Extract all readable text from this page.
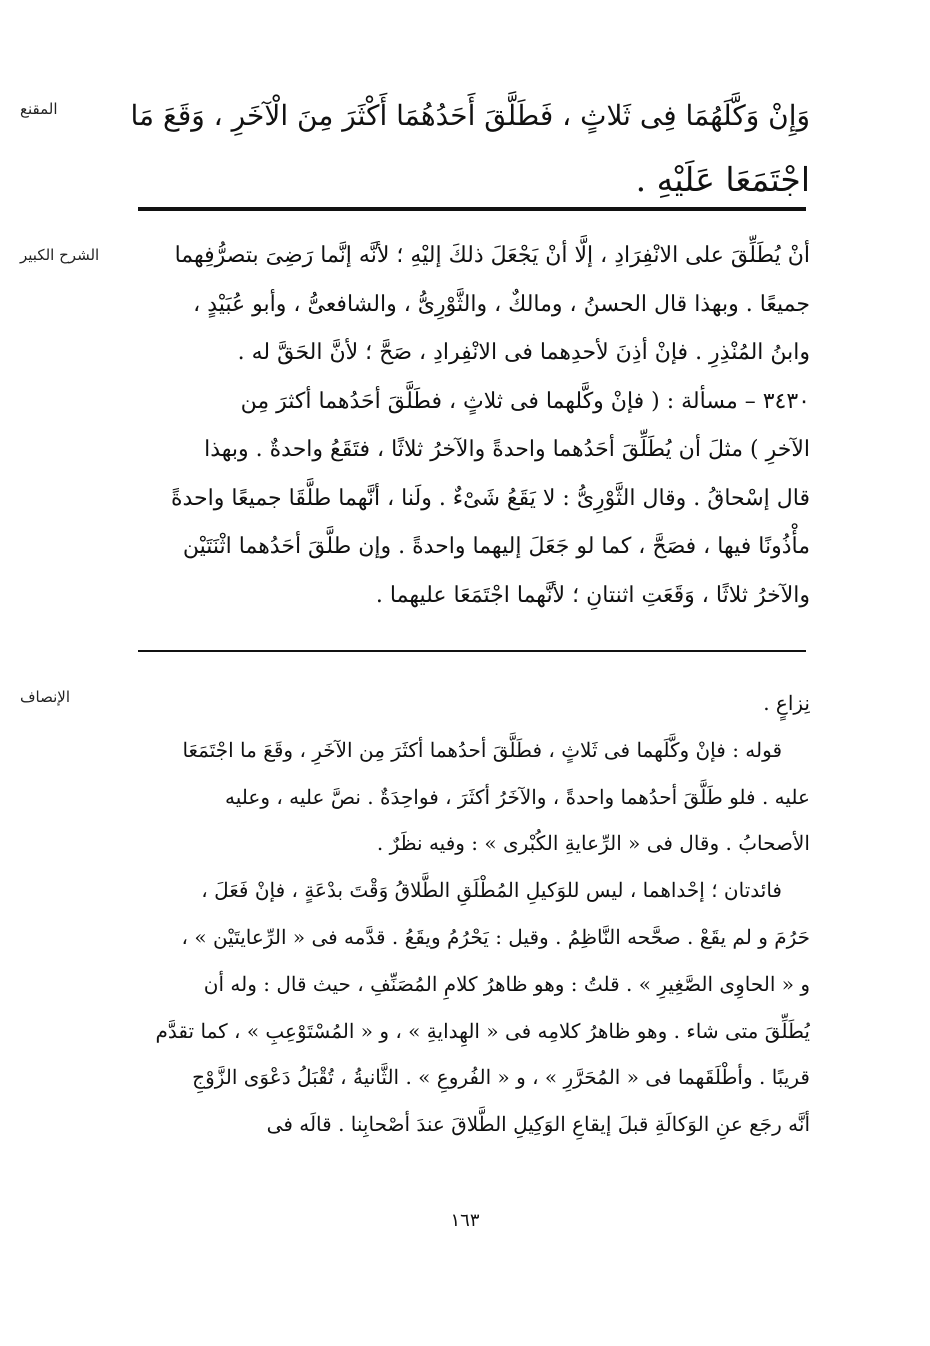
المقنع	وَإِنْ وَكَّلَهُمَا فِى ثَلاثٍ ، فَطَلَّقَ أَحَدُهُمَا أَكْثَرَ مِنَ الْآخَرِ ، وَقَعَ مَا
اجْتَمَعَا عَلَيْهِ .
الشرح الكبير	أنْ يُطَلِّقَ على الانْفِرَادِ ، إلَّا أنْ يَجْعَلَ ذلكَ إليْهِ ؛ لأنَّه إنَّما رَضِىَ بتصرُّفِهما
جميعًا . وبهذا قال الحسنُ ، ومالكٌ ، والثَّوْرِىُّ ، والشافعىُّ ، وأبو عُبَيْدٍ ،
وابنُ المُنْذِرِ . فإنْ أذِنَ لأحدِهما فى الانْفِرادِ ، صَحَّ ؛ لأنَّ الحَقَّ له .
٣٤٣٠ – مسألة : ( فإنْ وكَّلهما فى ثلاثٍ ، فطَلَّقَ أحَدُهما أكثرَ مِن
الآخرِ ) مثلَ أن يُطَلِّقَ أحَدُهما واحدةً والآخرُ ثلاثًا ، فتَقَعُ واحدةٌ . وبهذا
قال إسْحاقُ . وقال الثَّوْرِىُّ : لا يَقَعُ شَىْءٌ . ولَنا ، أنَّهما طلَّقَا جميعًا واحدةً
مأْذُونًا فيها ، فصَحَّ ، كما لو جَعَلَ إليهما واحدةً . وإن طلَّقَ أحَدُهما اثْنَتَيْن
والآخرُ ثلاثًا ، وَقَعَتِ اثنتانِ ؛ لأنَّهما اجْتَمَعَا عليهما .
الإنصاف	نِزاعٍ .
قوله : فإنْ وكَّلَهما فى ثَلاثٍ ، فطَلَّقَ أحدُهما أكثَرَ مِن الآخَرِ ، وقَعَ ما اجْتَمَعَا
عليه . فلو طَلَّقَ أحدُهما واحدةً ، والآخَرُ أكثَرَ ، فواحِدَةٌ . نصَّ عليه ، وعليه
الأصحابُ . وقال فى « الرِّعايةِ الكُبْرى » : وفيه نظَرٌ .
فائدتان ؛ إحْداهما ، ليس للوَكيلِ المُطْلَقِ الطَّلاقُ وَقْتَ بدْعَةٍ ، فإنْ فَعَلَ ،
حَرُمَ و لم يقَعْ . صحَّحه النَّاظِمُ . وقيل : يَحْرُمُ ويقَعُ . قدَّمه فى « الرِّعايتَيْن » ،
و « الحاوِى الصَّغِيرِ » . قلتُ : وهو ظاهرُ كلامِ المُصَنِّفِ ، حيث قال : وله أن
يُطَلِّقَ متى شاء . وهو ظاهرُ كلامِه فى « الهِدايةِ » ، و « المُسْتَوْعِبِ » ، كما تقدَّم
قريبًا . وأطْلَقَهما فى « المُحَرَّرِ » ، و « الفُروعِ » . الثَّانيةُ ، تُقْبَلُ دَعْوَى الزَّوْجِ
أنَّه رجَع عنِ الوَكالَةِ قبلَ إيقاعِ الوَكِيلِ الطَّلاقَ عندَ أصْحابِنا . قالَه فى
١٦٣
